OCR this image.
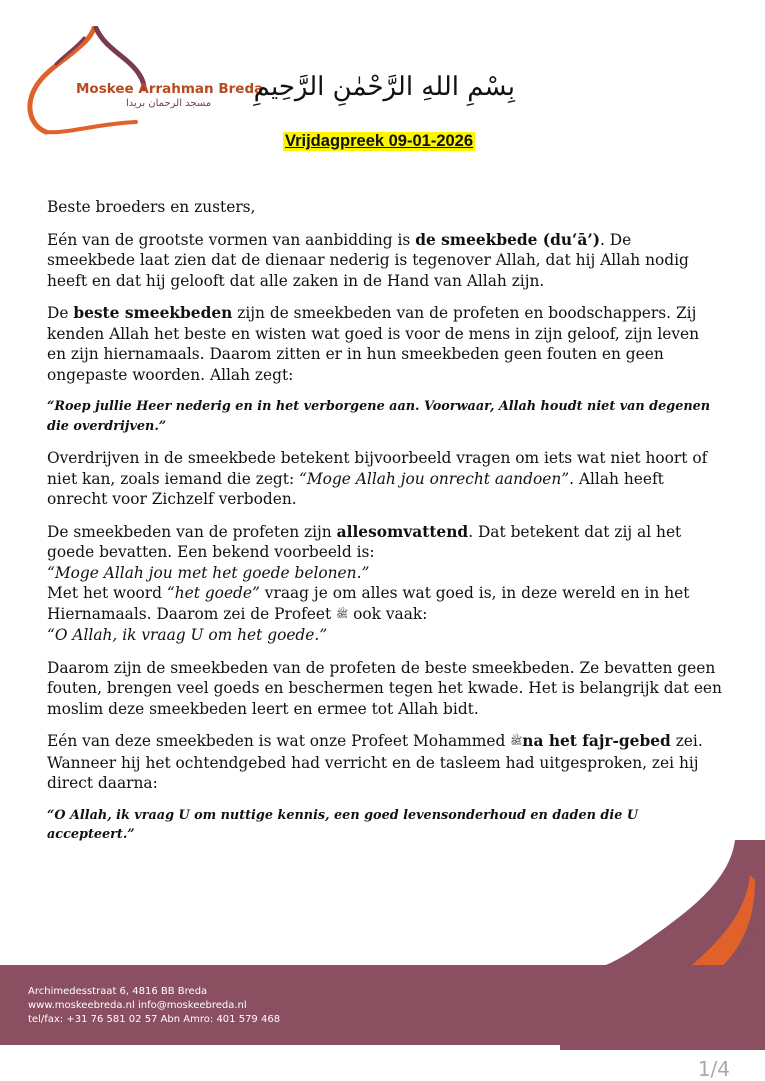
Moskee Arrahman Breda
مسجد الرحمان بريدا
بِسْمِ اللهِ الرَّحْمٰنِ الرَّحِيمِ
Vrijdagpreek 09-01-2026

Beste broeders en zusters,

Eén van de grootste vormen van aanbidding is de smeekbede (du‘ā’). De smeekbede laat zien dat de dienaar nederig is tegenover Allah, dat hij Allah nodig heeft en dat hij gelooft dat alle zaken in de Hand van Allah zijn.

De beste smeekbeden zijn de smeekbeden van de profeten en boodschappers. Zij kenden Allah het beste en wisten wat goed is voor de mens in zijn geloof, zijn leven en zijn hiernamaals. Daarom zitten er in hun smeekbeden geen fouten en geen ongepaste woorden. Allah zegt:

“Roep jullie Heer nederig en in het verborgene aan. Voorwaar, Allah houdt niet van degenen die overdrijven.”

Overdrijven in de smeekbede betekent bijvoorbeeld vragen om iets wat niet hoort of niet kan, zoals iemand die zegt: “Moge Allah jou onrecht aandoen”. Allah heeft onrecht voor Zichzelf verboden.

De smeekbeden van de profeten zijn allesomvattend. Dat betekent dat zij al het goede bevatten. Een bekend voorbeeld is:
“Moge Allah jou met het goede belonen.”
Met het woord “het goede” vraag je om alles wat goed is, in deze wereld en in het Hiernamaals. Daarom zei de Profeet ﷺ ook vaak:
“O Allah, ik vraag U om het goede.”

Daarom zijn de smeekbeden van de profeten de beste smeekbeden. Ze bevatten geen fouten, brengen veel goeds en beschermen tegen het kwade. Het is belangrijk dat een moslim deze smeekbeden leert en ermee tot Allah bidt.

Eén van deze smeekbeden is wat onze Profeet Mohammed ﷺna het fajr-gebed zei. Wanneer hij het ochtendgebed had verricht en de tasleem had uitgesproken, zei hij direct daarna:

“O Allah, ik vraag U om nuttige kennis, een goed levensonderhoud en daden die U accepteert.”

Archimedesstraat 6, 4816 BB Breda
www.moskeebreda.nl info@moskeebreda.nl
tel/fax: +31 76 581 02 57 Abn Amro: 401 579 468
1/4
